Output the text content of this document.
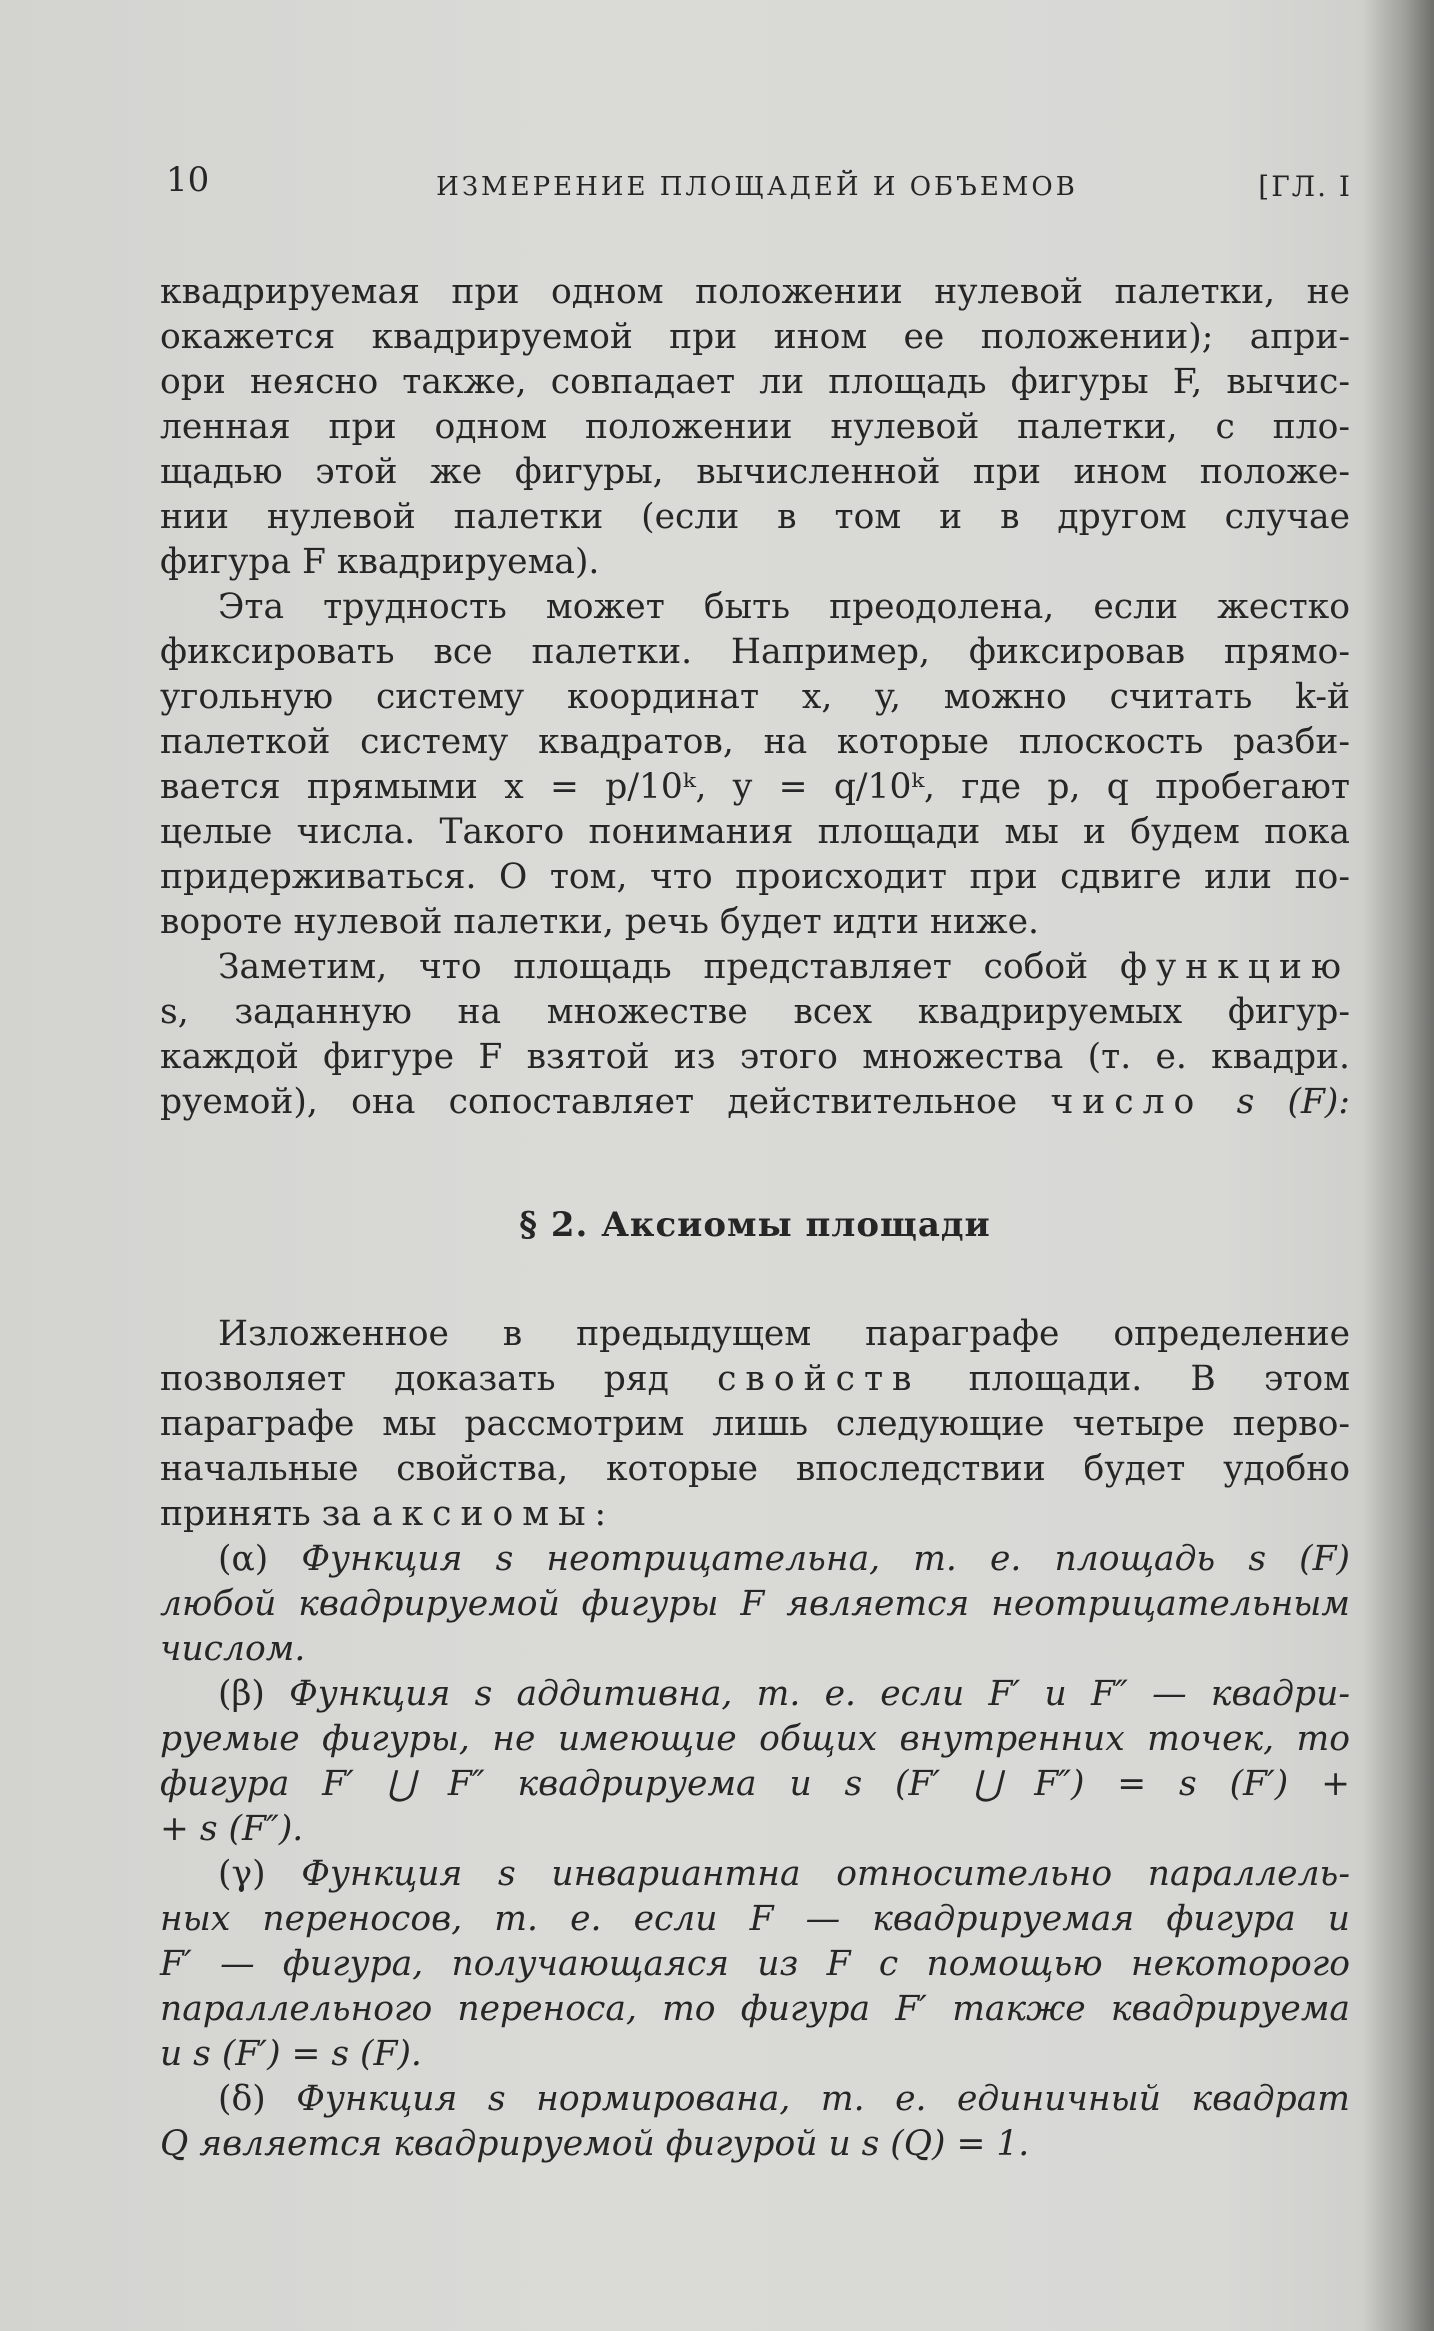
10	ИЗМЕРЕНИЕ ПЛОЩАДЕЙ И ОБЪЕМОВ	[ГЛ. I

квадрируемая при одном положении нулевой палетки, не
окажется квадрируемой при ином ее положении); апри-
ори неясно также, совпадает ли площадь фигуры F, вычис-
ленная при одном положении нулевой палетки, с пло-
щадью этой же фигуры, вычисленной при ином положе-
нии нулевой палетки (если в том и в другом случае
фигура F квадрируема).

Эта трудность может быть преодолена, если жестко
фиксировать все палетки. Например, фиксировав прямо-
угольную систему координат x, y, можно считать k-й
палеткой систему квадратов, на которые плоскость разби-
вается прямыми x = p/10ᵏ, y = q/10ᵏ, где p, q пробегают
целые числа. Такого понимания площади мы и будем пока
придерживаться. О том, что происходит при сдвиге или по-
вороте нулевой палетки, речь будет идти ниже.

Заметим, что площадь представляет собой функцию
s, заданную на множестве всех квадрируемых фигур-
каждой фигуре F взятой из этого множества (т. е. квадри.
руемой), она сопоставляет действительное число s (F):

§ 2. Аксиомы площади

Изложенное в предыдущем параграфе определение
позволяет доказать ряд свойств площади. В этом
параграфе мы рассмотрим лишь следующие четыре перво-
начальные свойства, которые впоследствии будет удобно
принять за аксиомы:

(α) Функция s неотрицательна, т. е. площадь s (F)
любой квадрируемой фигуры F является неотрицательным
числом.

(β) Функция s аддитивна, т. е. если F′ и F″ — квадри-
руемые фигуры, не имеющие общих внутренних точек, то
фигура F′ ⋃ F″ квадрируема и s (F′ ⋃ F″) = s (F′) +
+ s (F″).

(γ) Функция s инвариантна относительно параллель-
ных переносов, т. е. если F — квадрируемая фигура и
F′ — фигура, получающаяся из F с помощью некоторого
параллельного переноса, то фигура F′ также квадрируема
и s (F′) = s (F).

(δ) Функция s нормирована, т. е. единичный квадрат
Q является квадрируемой фигурой и s (Q) = 1.
